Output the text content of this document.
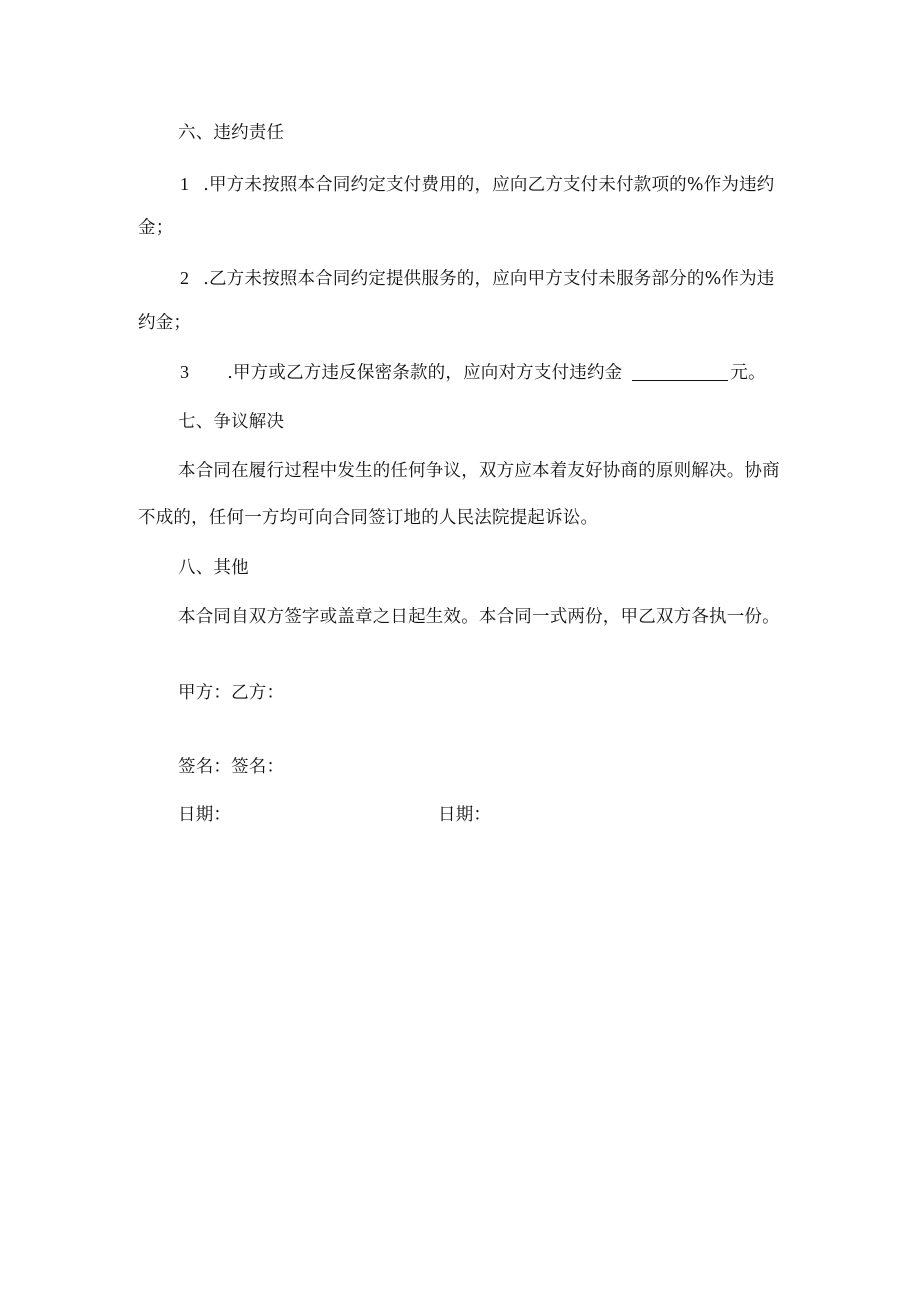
六、违约责任
1 .甲方未按照本合同约定支付费用的，应向乙方支付未付款项的%作为违约
金；
2 .乙方未按照本合同约定提供服务的，应向甲方支付未服务部分的%作为违
约金；
3 .甲方或乙方违反保密条款的，应向对方支付违约金	元。
七、争议解决
本合同在履行过程中发生的任何争议，双方应本着友好协商的原则解决。协商
不成的，任何一方均可向合同签订地的人民法院提起诉讼。
八、其他
本合同自双方签字或盖章之日起生效。本合同一式两份，甲乙双方各执一份。
甲方：乙方：
签名：签名：
日期：	日期：
